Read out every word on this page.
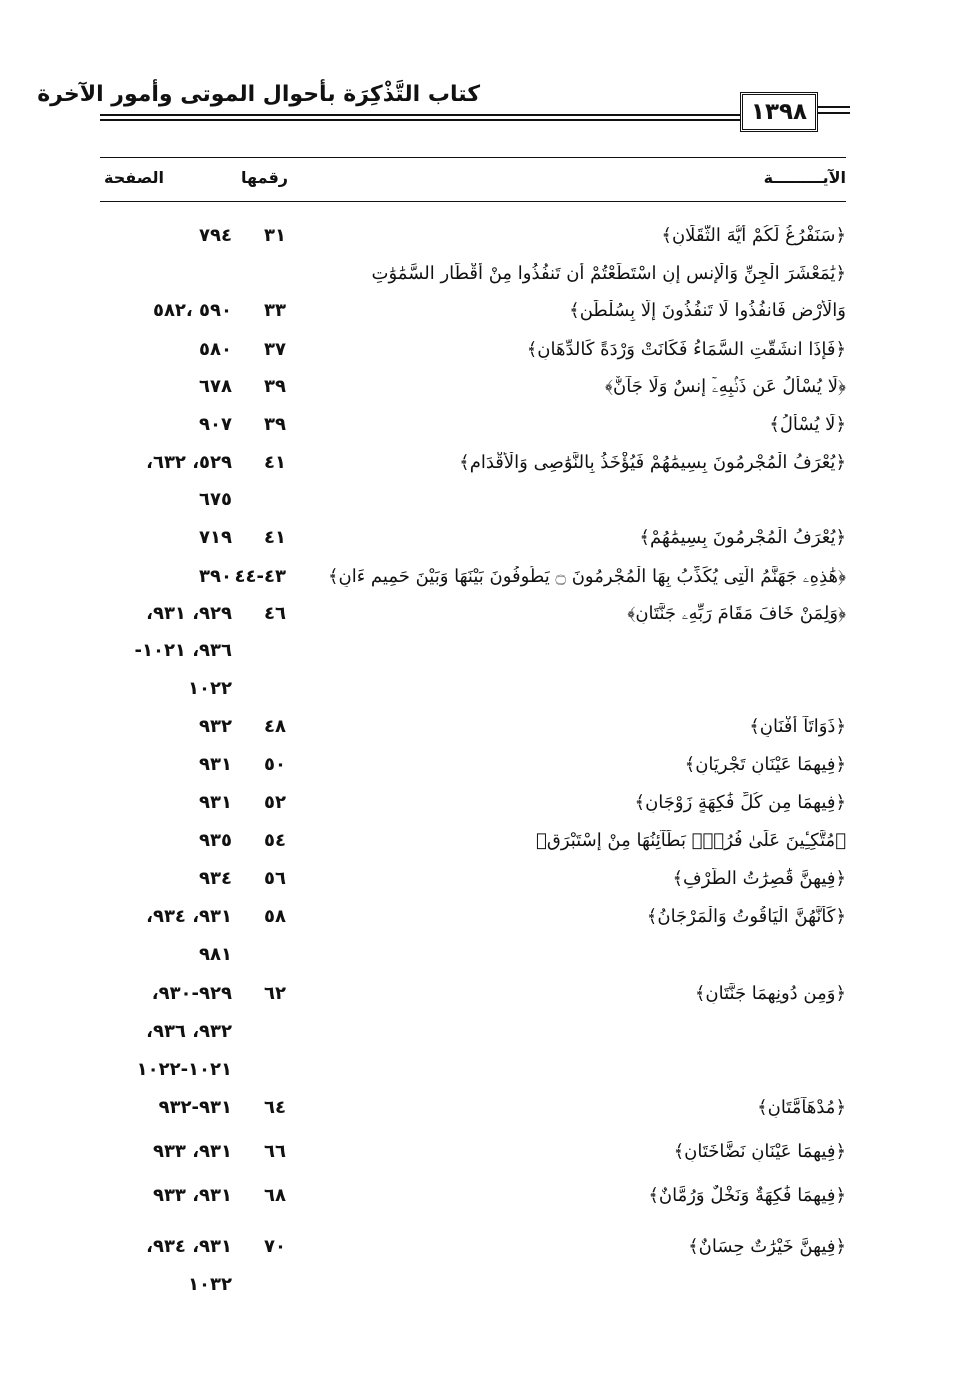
كتاب التَّذْكِرَة بأحوال الموتى وأمور الآخرة
١٣٩٨
الآيـــــــــة
رقمها
الصفحة
﴿سَنَفْرُغُ لَكُمْ أَيُّهَ الثَّقَلَانِ﴾
٣١
٧٩٤
﴿يَٰمَعْشَرَ الْجِنِّ وَالْإِنسِ إِنِ اسْتَطَعْتُمْ أَن تَنفُذُوا مِنْ أَقْطَارِ السَّمَٰوَٰتِ
وَالْأَرْضِ فَانفُذُوا لَا تَنفُذُونَ إِلَّا بِسُلْطَٰنٍ﴾
٣٣
٥٩٠ ،٥٨٢
﴿فَإِذَا انشَقَّتِ السَّمَاءُ فَكَانَتْ وَرْدَةً كَالدِّهَانِ﴾
٣٧
٥٨٠
﴿لَا يُسْأَلُ عَن ذَنۢبِهِۦٓ إِنسٌ وَلَا جَآنٌّ﴾
٣٩
٦٧٨
﴿لَا يُسْأَلُ﴾
٣٩
٩٠٧
﴿يُعْرَفُ الْمُجْرِمُونَ بِسِيمَٰهُمْ فَيُؤْخَذُ بِالنَّوَٰصِى وَالْأَقْدَامِ﴾
٤١
٥٢٩، ٦٣٢،
٦٧٥
﴿يُعْرَفُ الْمُجْرِمُونَ بِسِيمَٰهُمْ﴾
٤١
٧١٩
﴿هَٰذِهِۦ جَهَنَّمُ الَّتِى يُكَذِّبُ بِهَا الْمُجْرِمُونَ ۝ يَطُوفُونَ بَيْنَهَا وَبَيْنَ حَمِيمٍ ءَانٍ﴾
٤٣-٤٤
٣٩٠
﴿وَلِمَنْ خَافَ مَقَامَ رَبِّهِۦ جَنَّتَانِ﴾
٤٦
٩٢٩، ٩٣١،
٩٣٦، ١٠٢١-
١٠٢٢
﴿ذَوَاتَآ أَفْنَانٍ﴾
٤٨
٩٣٢
﴿فِيهِمَا عَيْنَانِ تَجْرِيَانِ﴾
٥٠
٩٣١
﴿فِيهِمَا مِن كُلِّ فَٰكِهَةٍ زَوْجَانِ﴾
٥٢
٩٣١
﴿مُتَّكِـِٔينَ عَلَىٰ فُرُشٍۭ بَطَآئِنُهَا مِنْ إِسْتَبْرَقٍ﴾
٥٤
٩٣٥
﴿فِيهِنَّ قَٰصِرَٰتُ الطَّرْفِ﴾
٥٦
٩٣٤
﴿كَأَنَّهُنَّ الْيَاقُوتُ وَالْمَرْجَانُ﴾
٥٨
٩٣١، ٩٣٤،
٩٨١
﴿وَمِن دُونِهِمَا جَنَّتَانِ﴾
٦٢
٩٢٩-٩٣٠،
٩٣٢، ٩٣٦،
١٠٢١-١٠٢٢
﴿مُدْهَآمَّتَانِ﴾
٦٤
٩٣١-٩٣٢
﴿فِيهِمَا عَيْنَانِ نَضَّاخَتَانِ﴾
٦٦
٩٣١، ٩٣٣
﴿فِيهِمَا فَٰكِهَةٌ وَنَخْلٌ وَرُمَّانٌ﴾
٦٨
٩٣١، ٩٣٣
﴿فِيهِنَّ خَيْرَٰتٌ حِسَانٌ﴾
٧٠
٩٣١، ٩٣٤،
١٠٣٢
